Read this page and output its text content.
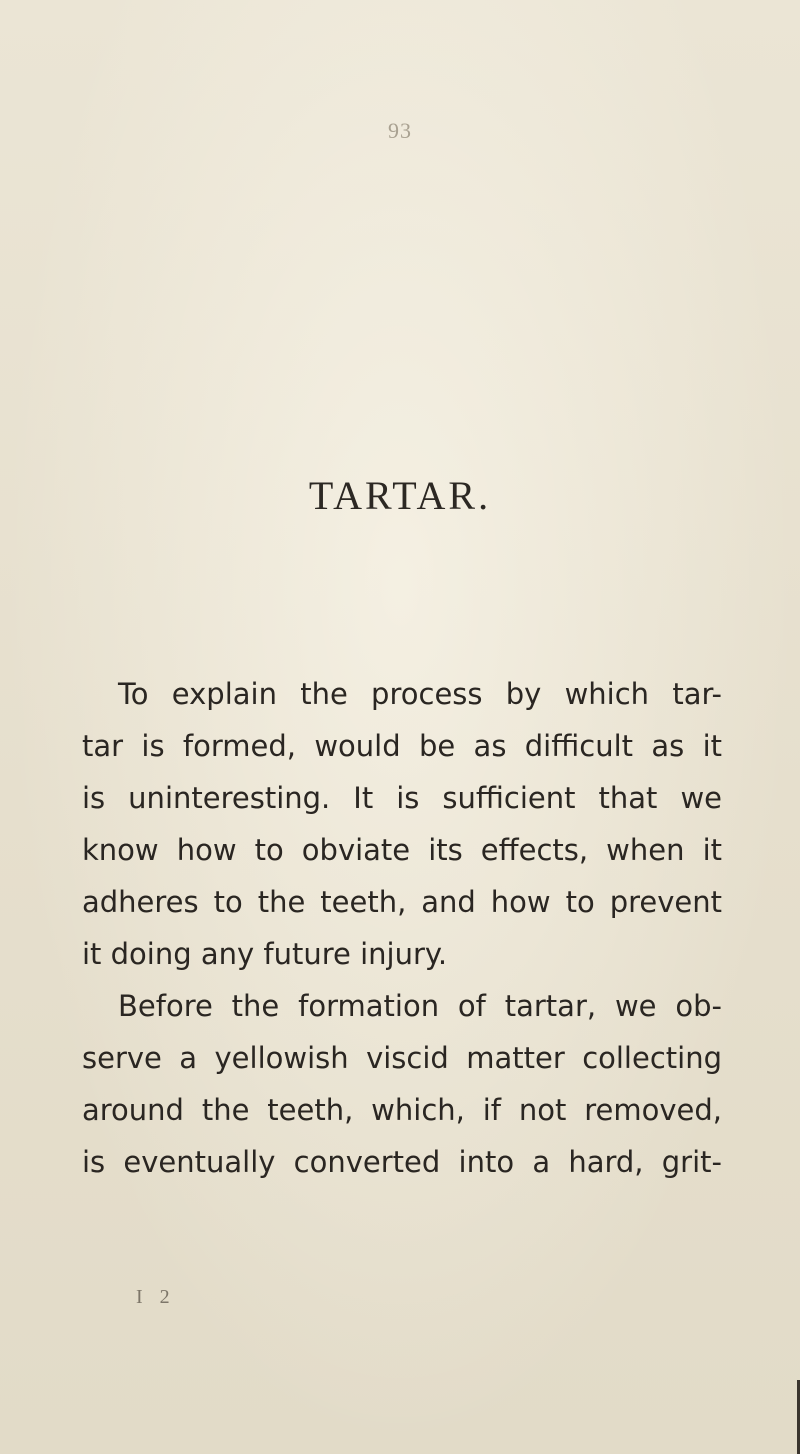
93
TARTAR.
To explain the process by which tar-
tar is formed, would be as difficult as it
is uninteresting. It is sufficient that we
know how to obviate its effects, when it
adheres to the teeth, and how to prevent
it doing any future injury.
Before the formation of tartar, we ob-
serve a yellowish viscid matter collecting
around the teeth, which, if not removed,
is eventually converted into a hard, grit-
I 2
